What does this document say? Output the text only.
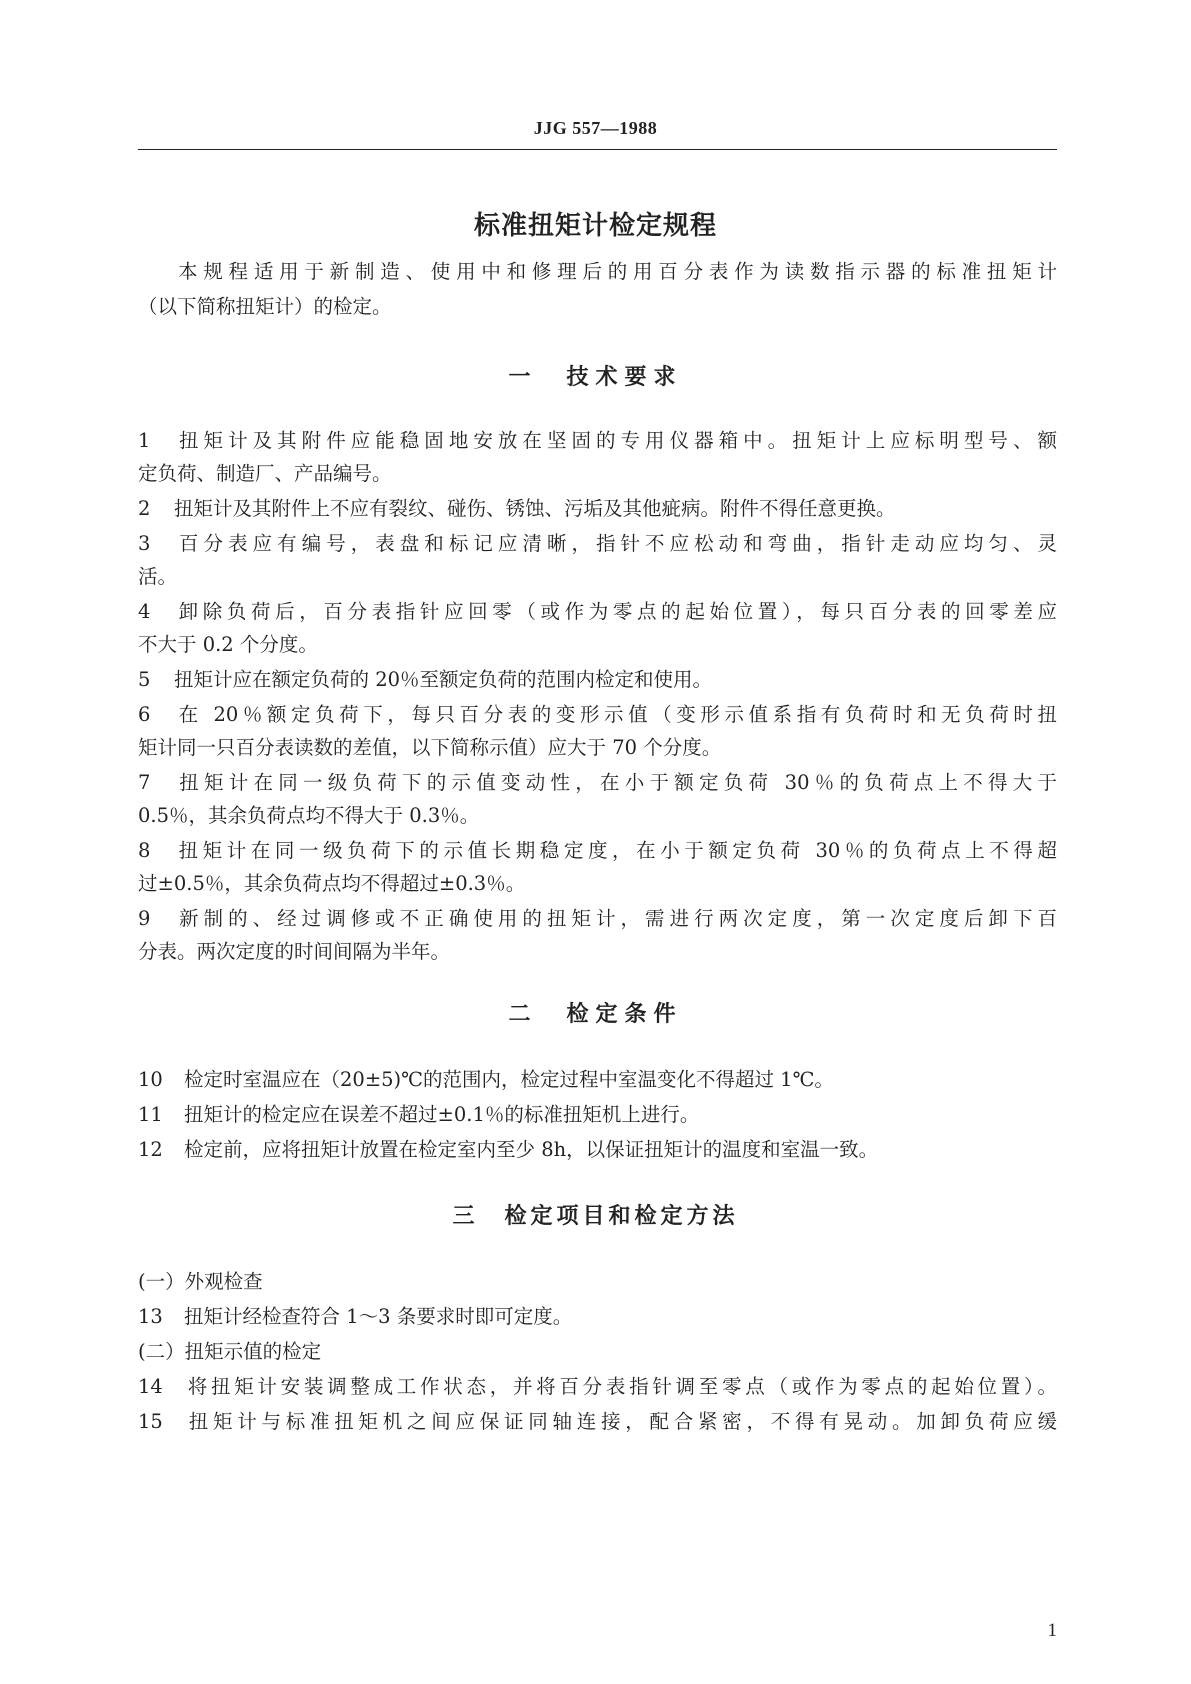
JJG 557—1988
标准扭矩计检定规程
本规程适用于新制造、使用中和修理后的用百分表作为读数指示器的标准扭矩计
（以下简称扭矩计）的检定。
一　技术要求
1 扭矩计及其附件应能稳固地安放在坚固的专用仪器箱中。扭矩计上应标明型号、额
定负荷、制造厂、产品编号。
2 扭矩计及其附件上不应有裂纹、碰伤、锈蚀、污垢及其他疵病。附件不得任意更换。
3 百分表应有编号，表盘和标记应清晰，指针不应松动和弯曲，指针走动应均匀、灵
活。
4 卸除负荷后，百分表指针应回零（或作为零点的起始位置），每只百分表的回零差应
不大于 0.2 个分度。
5 扭矩计应在额定负荷的 20％至额定负荷的范围内检定和使用。
6 在 20％额定负荷下，每只百分表的变形示值（变形示值系指有负荷时和无负荷时扭
矩计同一只百分表读数的差值，以下简称示值）应大于 70 个分度。
7 扭矩计在同一级负荷下的示值变动性，在小于额定负荷 30％的负荷点上不得大于
0.5％，其余负荷点均不得大于 0.3％。
8 扭矩计在同一级负荷下的示值长期稳定度，在小于额定负荷 30％的负荷点上不得超
过±0.5％，其余负荷点均不得超过±0.3％。
9 新制的、经过调修或不正确使用的扭矩计，需进行两次定度，第一次定度后卸下百
分表。两次定度的时间间隔为半年。
二　检定条件
10 检定时室温应在（20±5)℃的范围内，检定过程中室温变化不得超过 1℃。
11 扭矩计的检定应在误差不超过±0.1％的标准扭矩机上进行。
12 检定前，应将扭矩计放置在检定室内至少 8h，以保证扭矩计的温度和室温一致。
三　检定项目和检定方法
(一）外观检查
13 扭矩计经检查符合 1～3 条要求时即可定度。
(二）扭矩示值的检定
14 将扭矩计安装调整成工作状态，并将百分表指针调至零点（或作为零点的起始位置）。
15 扭矩计与标准扭矩机之间应保证同轴连接，配合紧密，不得有晃动。加卸负荷应缓
1
